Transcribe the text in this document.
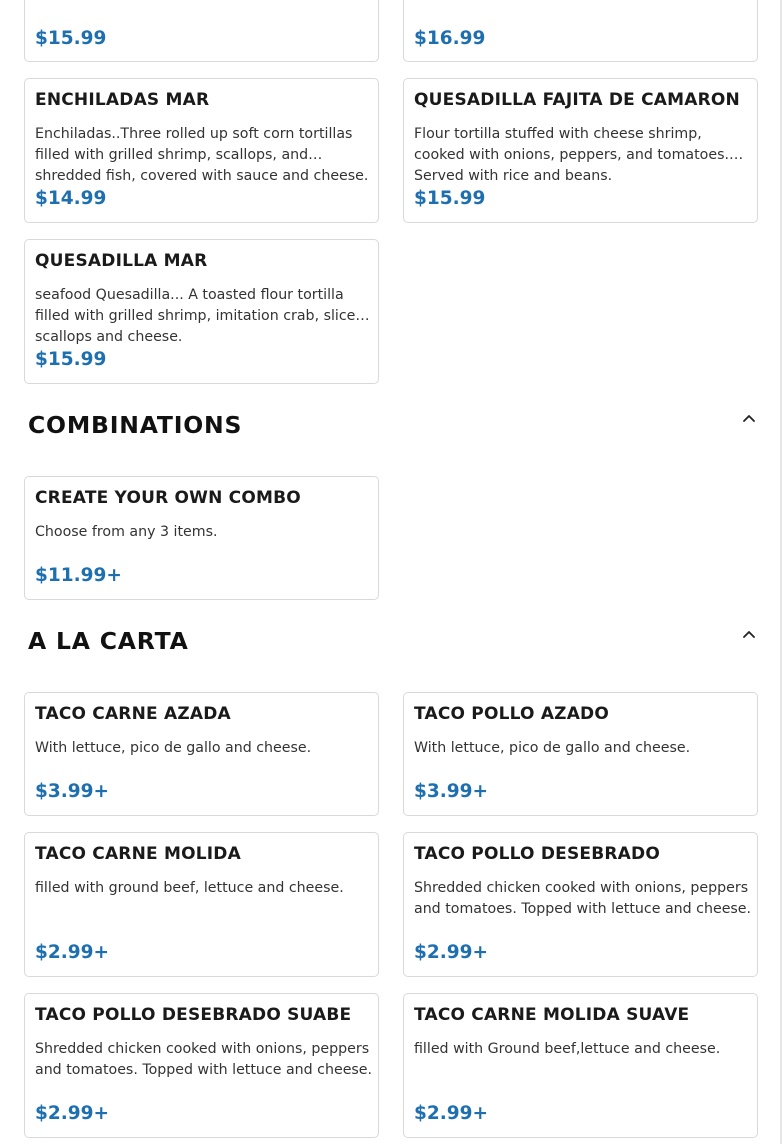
$15.99	$16.99
ENCHILADAS MAR
Enchiladas..Three rolled up soft corn tortillas filled with grilled shrimp, scallops, and shredded fish, covered with sauce and cheese.
$14.99
QUESADILLA FAJITA DE CAMARON
Flour tortilla stuffed with cheese shrimp, cooked with onions, peppers, and tomatoes. Served with rice and beans.
$15.99
QUESADILLA MAR
seafood Quesadilla... A toasted flour tortilla filled with grilled shrimp, imitation crab, sliced scallops and cheese.
$15.99
COMBINATIONS
CREATE YOUR OWN COMBO
Choose from any 3 items.
$11.99+
A LA CARTA
TACO CARNE AZADA
With lettuce, pico de gallo and cheese.
$3.99+
TACO POLLO AZADO
With lettuce, pico de gallo and cheese.
$3.99+
TACO CARNE MOLIDA
filled with ground beef, lettuce and cheese.
$2.99+
TACO POLLO DESEBRADO
Shredded chicken cooked with onions, peppers and tomatoes. Topped with lettuce and cheese.
$2.99+
TACO POLLO DESEBRADO SUABE
Shredded chicken cooked with onions, peppers and tomatoes. Topped with lettuce and cheese.
$2.99+
TACO CARNE MOLIDA SUAVE
filled with Ground beef,lettuce and cheese.
$2.99+
